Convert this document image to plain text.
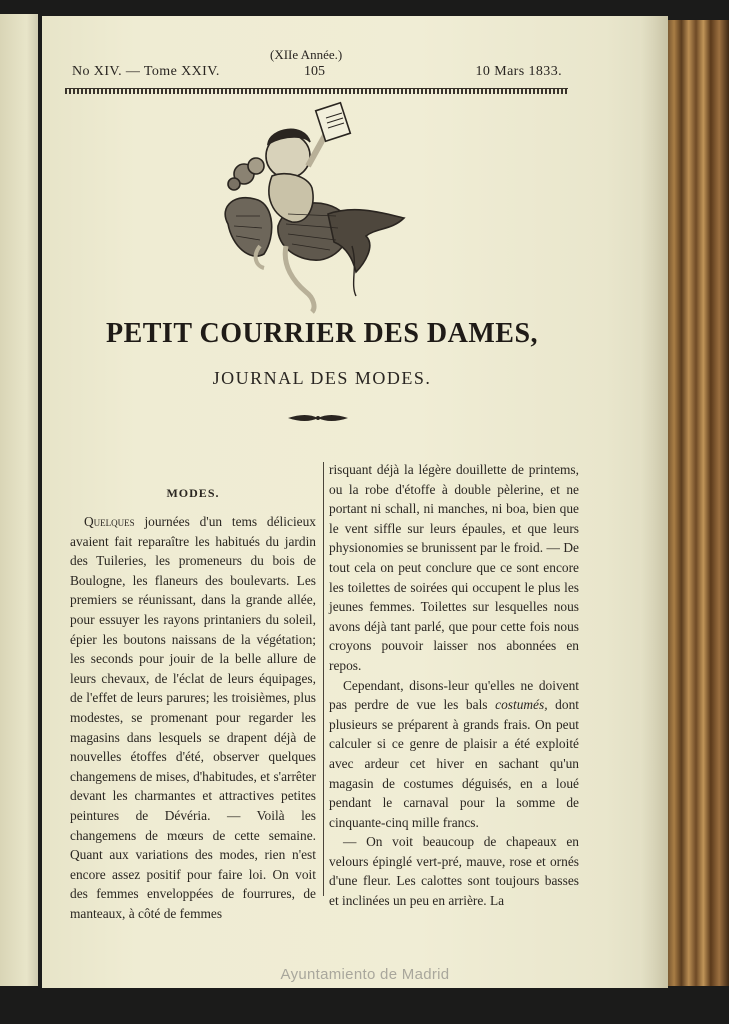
(XIIe Année.)
No XIV. — Tome XXIV.	105	10 Mars 1833.
PETIT COURRIER DES DAMES,
JOURNAL DES MODES.
MODES.

Quelques journées d'un tems délicieux avaient fait reparaître les habitués du jardin des Tuileries, les promeneurs du bois de Boulogne, les flaneurs des boulevarts. Les premiers se réunissant, dans la grande allée, pour essuyer les rayons printaniers du soleil, épier les boutons naissans de la végétation; les seconds pour jouir de la belle allure de leurs chevaux, de l'éclat de leurs équipages, de l'effet de leurs parures; les troisièmes, plus modestes, se promenant pour regarder les magasins dans lesquels se drapent déjà de nouvelles étoffes d'été, observer quelques changemens de mises, d'habitudes, et s'arrêter devant les charmantes et attractives petites peintures de Dévéria. — Voilà les changemens de mœurs de cette semaine. Quant aux variations des modes, rien n'est encore assez positif pour faire loi. On voit des femmes enveloppées de fourrures, de manteaux, à côté de femmes

risquant déjà la légère douillette de printems, ou la robe d'étoffe à double pèlerine, et ne portant ni schall, ni manches, ni boa, bien que le vent siffle sur leurs épaules, et que leurs physionomies se brunissent par le froid. — De tout cela on peut conclure que ce sont encore les toilettes de soirées qui occupent le plus les jeunes femmes. Toilettes sur lesquelles nous avons déjà tant parlé, que pour cette fois nous croyons pouvoir laisser nos abonnées en repos.

Cependant, disons-leur qu'elles ne doivent pas perdre de vue les bals costumés, dont plusieurs se préparent à grands frais. On peut calculer si ce genre de plaisir a été exploité avec ardeur cet hiver en sachant qu'un magasin de costumes déguisés, en a loué pendant le carnaval pour la somme de cinquante-cinq mille francs.

— On voit beaucoup de chapeaux en velours épinglé vert-pré, mauve, rose et ornés d'une fleur. Les calottes sont toujours basses et inclinées un peu en arrière. La

Ayuntamiento de Madrid
